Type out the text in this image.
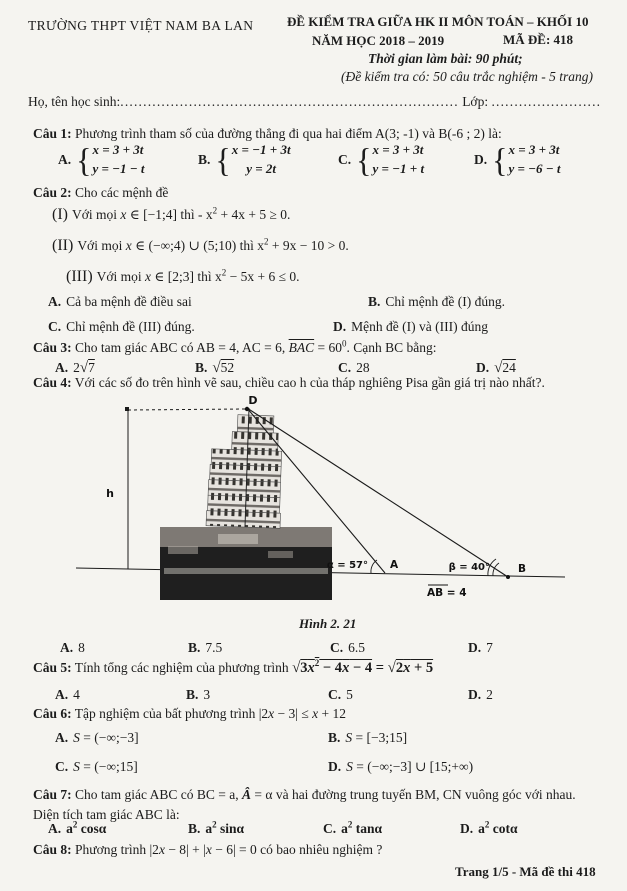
TRƯỜNG THPT VIỆT NAM BA LAN	ĐỀ KIỂM TRA GIỮA HK II MÔN TOÁN – KHỐI 10
NĂM HỌC 2018 – 2019	MÃ ĐỀ: 418
Thời gian làm bài: 90 phút;
(Đề kiểm tra có: 50 câu trắc nghiệm - 5 trang)
Họ, tên học sinh:.......................................................................... Lớp: ........................
Câu 1: Phương trình tham số của đường thẳng đi qua hai điểm A(3; -1) và B(-6 ; 2) là:
A. { x = 3 + 3t
y = −1 − t
B. { x = −1 + 3t
y = 2t
C. { x = 3 + 3t
y = −1 + t
D. { x = 3 + 3t
y = −6 − t
Câu 2: Cho các mệnh đề
(I) Với mọi x ∈ [−1;4] thì - $x^2 + 4x + 5 \ge 0$.
(II) Với mọi x ∈ (−∞;4) ∪ (5;10) thì $x^2 + 9x - 10 > 0$.
(III) Với mọi x ∈ [2;3] thì $x^2 - 5x + 6 \le 0$.
A. Cả ba mệnh đề điều sai	B. Chỉ mệnh đề (I) đúng.
C. Chỉ mệnh đề (III) đúng.	D. Mệnh đề (I) và (III) đúng
Câu 3: Cho tam giác ABC có AB = 4, AC = 6, $\overline{BAC} = 60^0$. Cạnh BC bằng:
A. 2√7	B. √52	C. 28	D. √24
Câu 4: Với các số đo trên hình vẽ sau, chiều cao h của tháp nghiêng Pisa gần giá trị nào nhất?.
D
h
α = 57°	β = 40°
A	B
AB = 4
Hình 2. 21
A. 8	B. 7.5	C. 6.5	D. 7
Câu 5: Tính tổng các nghiệm của phương trình $√3x^2 - 4x - 4 = √2x + 5$
A. 4	B. 3	C. 5	D. 2
Câu 6: Tập nghiệm của bất phương trình |2x − 3| ≤ x + 12
A. S = (−∞;−3]	B. S = [−3;15]
C. S = (−∞;15]	D. S = (−∞;−3] ∪ [15;+∞)
Câu 7: Cho tam giác ABC có BC = a, Â = α và hai đường trung tuyến BM, CN vuông góc với nhau. Diện tích tam giác ABC là:
A. $a^2$ cosα	B. $a^2$ sinα	C. $a^2$ tanα	D. $a^2$ cotα
Câu 8: Phương trình |2x − 8| + |x − 6| = 0 có bao nhiêu nghiệm ?
Trang 1/5 - Mã đề thi 418
